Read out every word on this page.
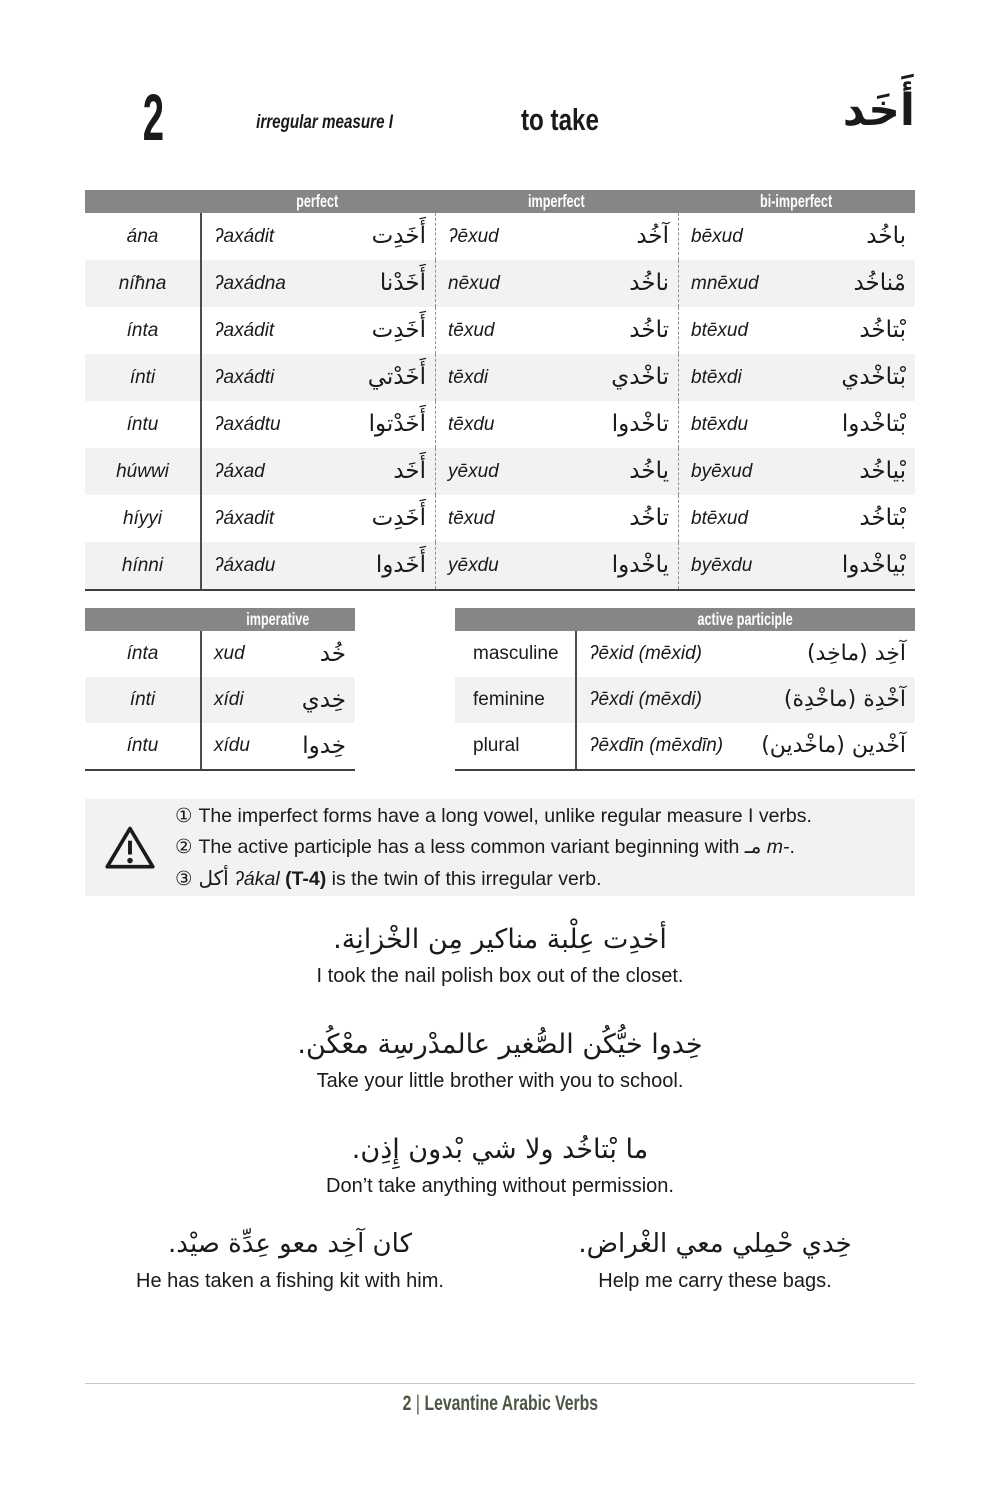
2	irregular measure I	to take	أَخَد
perfect	imperfect	bi-imperfect
ána	ʔaxádit	أَخَدِت ʔēxud	آخُد bēxud	باخُد
níħna	ʔaxádna	أَخَدْنا nēxud	ناخُد mnēxud	مْناخُد
ínta	ʔaxádit	أَخَدِت tēxud	تاخُد btēxud	بْتاخُد
ínti	ʔaxádti	أَخَدْتي tēxdi	تاخْدي btēxdi	بْتاخْدي
íntu	ʔaxádtu	أَخَدْتوا tēxdu	تاخْدوا btēxdu	بْتاخْدوا
húwwi	ʔáxad	أَخَد yēxud	ياخُد byēxud	بْياخُد
híyyi	ʔáxadit	أَخَدِت tēxud	تاخُد btēxud	بْتاخُد
hínni	ʔáxadu	أَخَدوا yēxdu	ياخْدوا byēxdu	بْياخْدوا
imperative
ínta	xud	خُد
ínti	xídi	خِدي
íntu	xídu خِدوا
active participle
masculine	ʔēxid (mēxid)	آخِد (ماخِد)
feminine	ʔēxdi (mēxdi)	آخْدِة (ماخْدِة)
plural	ʔēxdīn (mēxdīn) آخْدين (ماخْدين)
① The imperfect forms have a long vowel, unlike regular measure I verbs.
② The active participle has a less common variant beginning with مـ m-.
③ أكل ʔákal (T-4) is the twin of this irregular verb.
أخدِت عِلْبة مناكير مِن الخْزانِة.
I took the nail polish box out of the closet.
خِدوا خيُّكُن الصُّغير عالمدْرسِة معْكُن.
Take your little brother with you to school.
ما بْتاخُد ولا شي بْدون إِذِن.
Don’t take anything without permission.
كان آخِد معو عِدِّة صيْد.
He has taken a fishing kit with him.
خِدي حْمِلي معي الغْراض.
Help me carry these bags.
2 | Levantine Arabic Verbs
